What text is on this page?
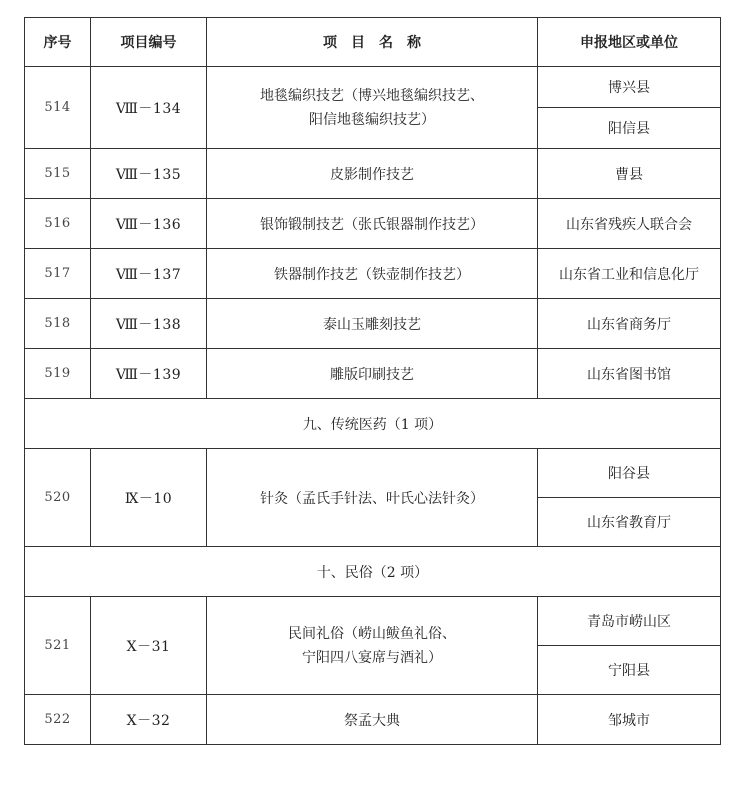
序号	项目编号	项　目　名　称	申报地区或单位
514	Ⅷ－134	地毯编织技艺（博兴地毯编织技艺、
阳信地毯编织技艺）	博兴县
			阳信县
515	Ⅷ－135	皮影制作技艺	曹县
516	Ⅷ－136	银饰锻制技艺（张氏银器制作技艺）	山东省残疾人联合会
517	Ⅷ－137	铁器制作技艺（铁壶制作技艺）	山东省工业和信息化厅
518	Ⅷ－138	泰山玉雕刻技艺	山东省商务厅
519	Ⅷ－139	雕版印刷技艺	山东省图书馆
九、传统医药（1 项）			
520	Ⅸ－10	针灸（孟氏手针法、叶氏心法针灸）	阳谷县
			山东省教育厅
十、民俗（2 项）			
521	Ⅹ－31	民间礼俗（崂山鲅鱼礼俗、
宁阳四八宴席与酒礼）	青岛市崂山区
			宁阳县
522	Ⅹ－32	祭孟大典	邹城市
